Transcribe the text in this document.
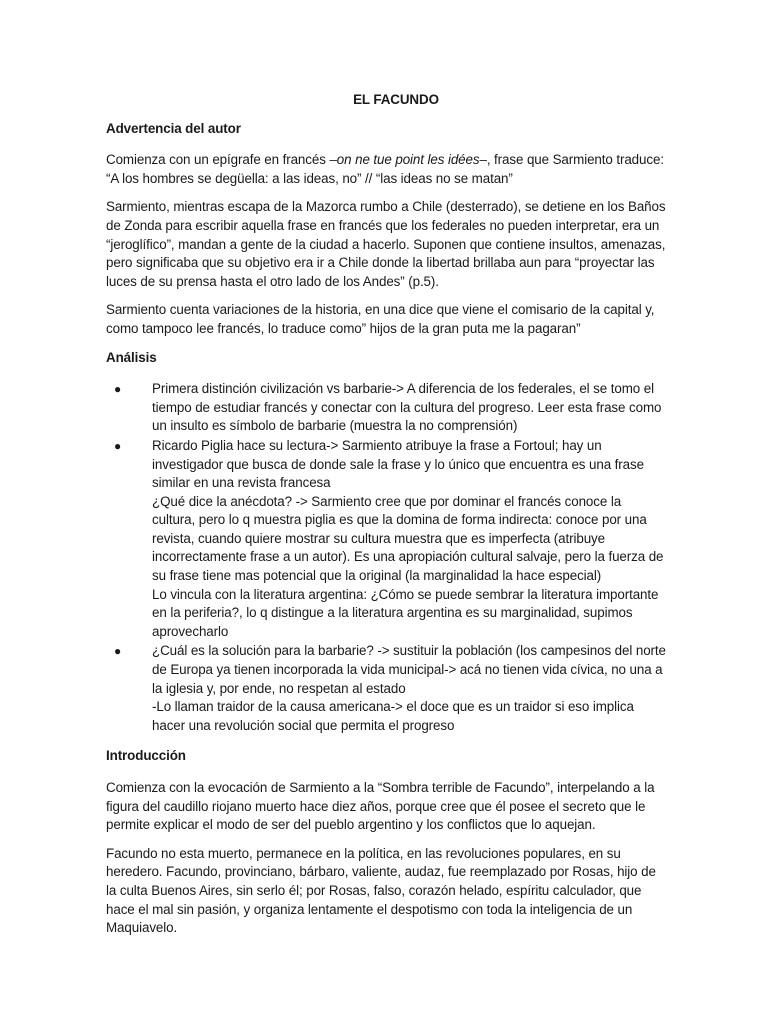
EL FACUNDO
Advertencia del autor

Comienza con un epígrafe en francés –on ne tue point les idées–, frase que Sarmiento traduce: “A los hombres se degüella: a las ideas, no” // “las ideas no se matan”

Sarmiento, mientras escapa de la Mazorca rumbo a Chile (desterrado), se detiene en los Baños de Zonda para escribir aquella frase en francés que los federales no pueden interpretar, era un “jeroglífico”, mandan a gente de la ciudad a hacerlo. Suponen que contiene insultos, amenazas, pero significaba que su objetivo era ir a Chile donde la libertad brillaba aun para “proyectar las luces de su prensa hasta el otro lado de los Andes” (p.5).

Sarmiento cuenta variaciones de la historia, en una dice que viene el comisario de la capital y, como tampoco lee francés, lo traduce como” hijos de la gran puta me la pagaran”

Análisis
● Primera distinción civilización vs barbarie-> A diferencia de los federales, el se tomo el tiempo de estudiar francés y conectar con la cultura del progreso. Leer esta frase como un insulto es símbolo de barbarie (muestra la no comprensión)
● Ricardo Piglia hace su lectura-> Sarmiento atribuye la frase a Fortoul; hay un investigador que busca de donde sale la frase y lo único que encuentra es una frase similar en una revista francesa
¿Qué dice la anécdota? -> Sarmiento cree que por dominar el francés conoce la cultura, pero lo q muestra piglia es que la domina de forma indirecta: conoce por una revista, cuando quiere mostrar su cultura muestra que es imperfecta (atribuye incorrectamente frase a un autor). Es una apropiación cultural salvaje, pero la fuerza de su frase tiene mas potencial que la original (la marginalidad la hace especial)
Lo vincula con la literatura argentina: ¿Cómo se puede sembrar la literatura importante en la periferia?, lo q distingue a la literatura argentina es su marginalidad, supimos aprovecharlo
● ¿Cuál es la solución para la barbarie? -> sustituir la población (los campesinos del norte de Europa ya tienen incorporada la vida municipal-> acá no tienen vida cívica, no una a la iglesia y, por ende, no respetan al estado
-Lo llaman traidor de la causa americana-> el doce que es un traidor si eso implica hacer una revolución social que permita el progreso
Introducción

Comienza con la evocación de Sarmiento a la “Sombra terrible de Facundo”, interpelando a la figura del caudillo riojano muerto hace diez años, porque cree que él posee el secreto que le permite explicar el modo de ser del pueblo argentino y los conflictos que lo aquejan.

Facundo no esta muerto, permanece en la política, en las revoluciones populares, en su heredero. Facundo, provinciano, bárbaro, valiente, audaz, fue reemplazado por Rosas, hijo de la culta Buenos Aires, sin serlo él; por Rosas, falso, corazón helado, espíritu calculador, que hace el mal sin pasión, y organiza lentamente el despotismo con toda la inteligencia de un Maquiavelo.
